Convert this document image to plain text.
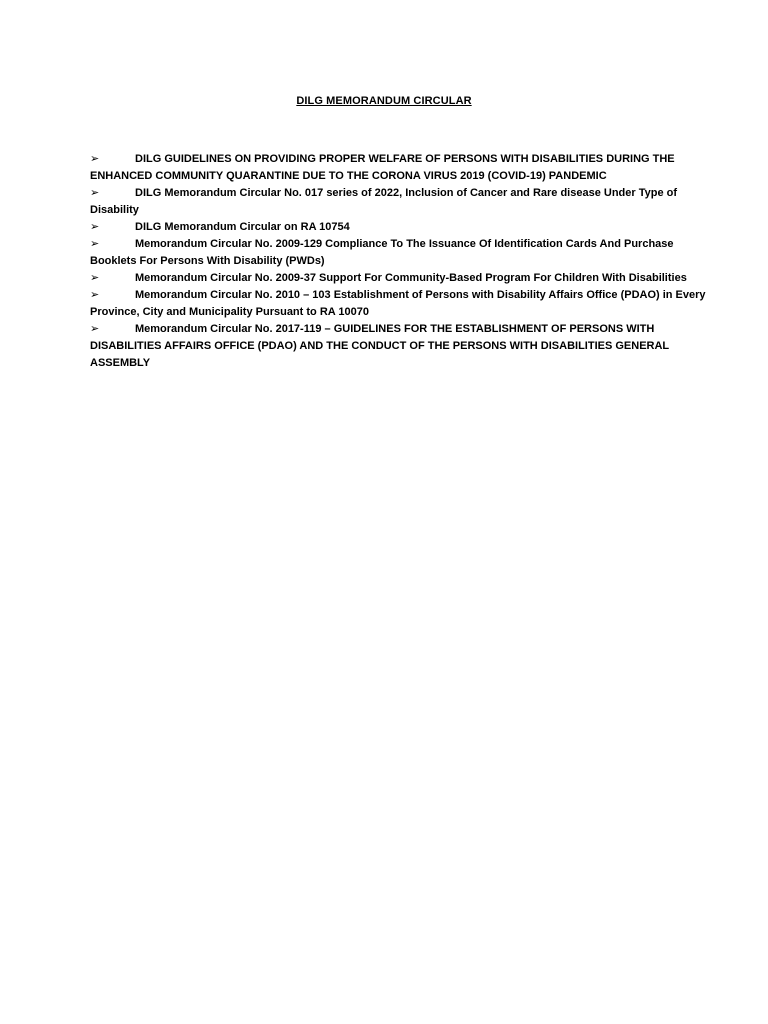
DILG MEMORANDUM CIRCULAR
➢	DILG GUIDELINES ON PROVIDING PROPER WELFARE OF PERSONS WITH DISABILITIES DURING THE ENHANCED COMMUNITY QUARANTINE DUE TO THE CORONA VIRUS 2019 (COVID-19) PANDEMIC
➢	DILG Memorandum Circular No. 017 series of 2022, Inclusion of Cancer and Rare disease Under Type of Disability
➢	DILG Memorandum Circular on RA 10754
➢	Memorandum Circular No. 2009-129 Compliance To The Issuance Of Identification Cards And Purchase Booklets For Persons With Disability (PWDs)
➢	Memorandum Circular No. 2009-37 Support For Community-Based Program For Children With Disabilities
➢	Memorandum Circular No. 2010 – 103 Establishment of Persons with Disability Affairs Office (PDAO) in Every Province, City and Municipality Pursuant to RA 10070
➢	Memorandum Circular No. 2017-119 – GUIDELINES FOR THE ESTABLISHMENT OF PERSONS WITH DISABILITIES AFFAIRS OFFICE (PDAO) AND THE CONDUCT OF THE PERSONS WITH DISABILITIES GENERAL ASSEMBLY
